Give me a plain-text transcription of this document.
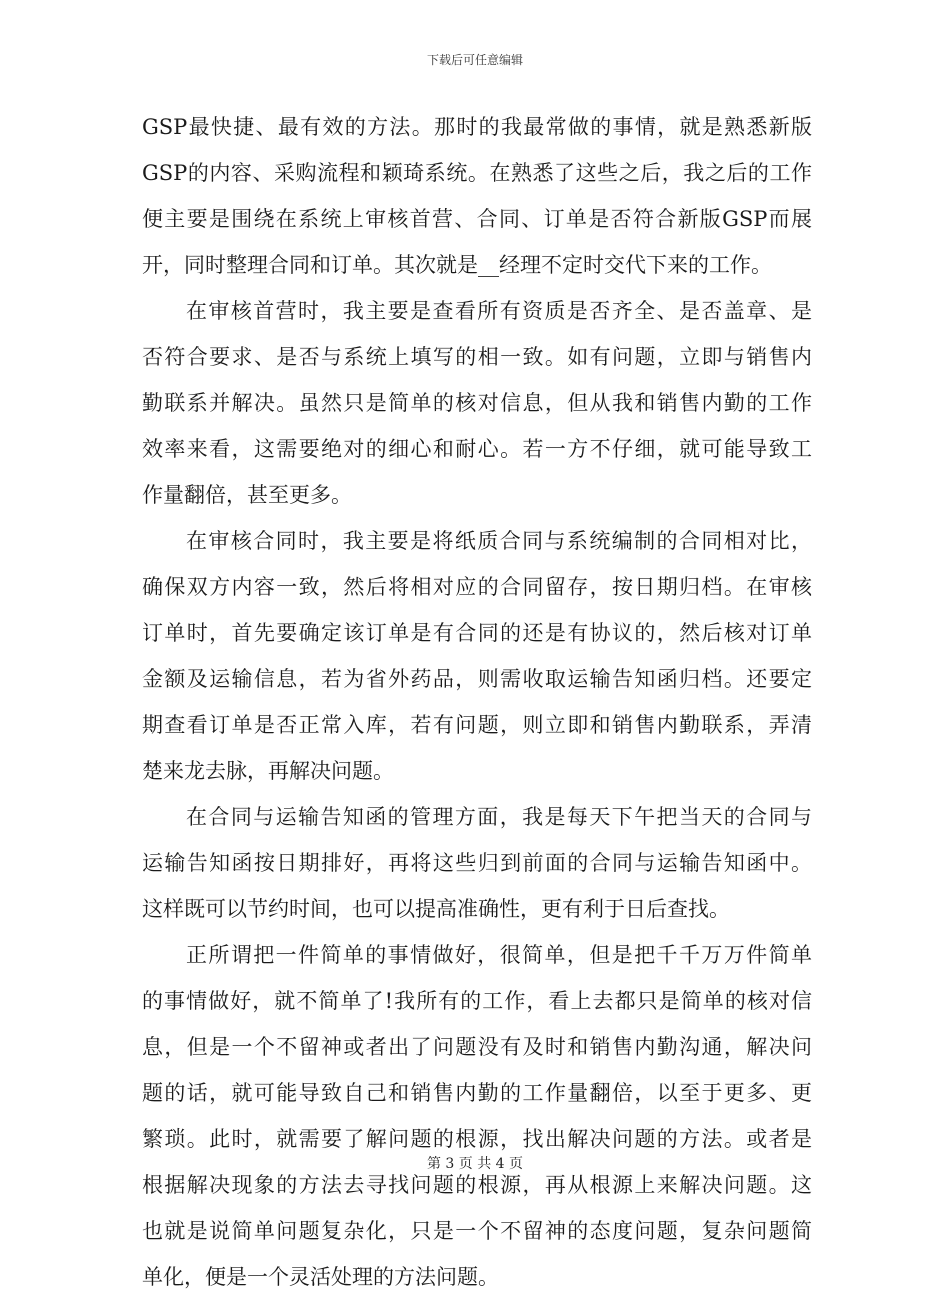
下载后可任意编辑
GSP最快捷、最有效的方法。那时的我最常做的事情，就是熟悉新版
GSP的内容、采购流程和颖琦系统。在熟悉了这些之后，我之后的工作
便主要是围绕在系统上审核首营、合同、订单是否符合新版GSP而展
开，同时整理合同和订单。其次就是__经理不定时交代下来的工作。
在审核首营时，我主要是查看所有资质是否齐全、是否盖章、是
否符合要求、是否与系统上填写的相一致。如有问题，立即与销售内
勤联系并解决。虽然只是简单的核对信息，但从我和销售内勤的工作
效率来看，这需要绝对的细心和耐心。若一方不仔细，就可能导致工
作量翻倍，甚至更多。
在审核合同时，我主要是将纸质合同与系统编制的合同相对比，
确保双方内容一致，然后将相对应的合同留存，按日期归档。在审核
订单时，首先要确定该订单是有合同的还是有协议的，然后核对订单
金额及运输信息，若为省外药品，则需收取运输告知函归档。还要定
期查看订单是否正常入库，若有问题，则立即和销售内勤联系，弄清
楚来龙去脉，再解决问题。
在合同与运输告知函的管理方面，我是每天下午把当天的合同与
运输告知函按日期排好，再将这些归到前面的合同与运输告知函中。
这样既可以节约时间，也可以提高准确性，更有利于日后查找。
正所谓把一件简单的事情做好，很简单，但是把千千万万件简单
的事情做好，就不简单了!我所有的工作，看上去都只是简单的核对信
息，但是一个不留神或者出了问题没有及时和销售内勤沟通，解决问
题的话，就可能导致自己和销售内勤的工作量翻倍，以至于更多、更
繁琐。此时，就需要了解问题的根源，找出解决问题的方法。或者是
根据解决现象的方法去寻找问题的根源，再从根源上来解决问题。这
也就是说简单问题复杂化，只是一个不留神的态度问题，复杂问题简
单化，便是一个灵活处理的方法问题。
第 3 页 共 4 页
